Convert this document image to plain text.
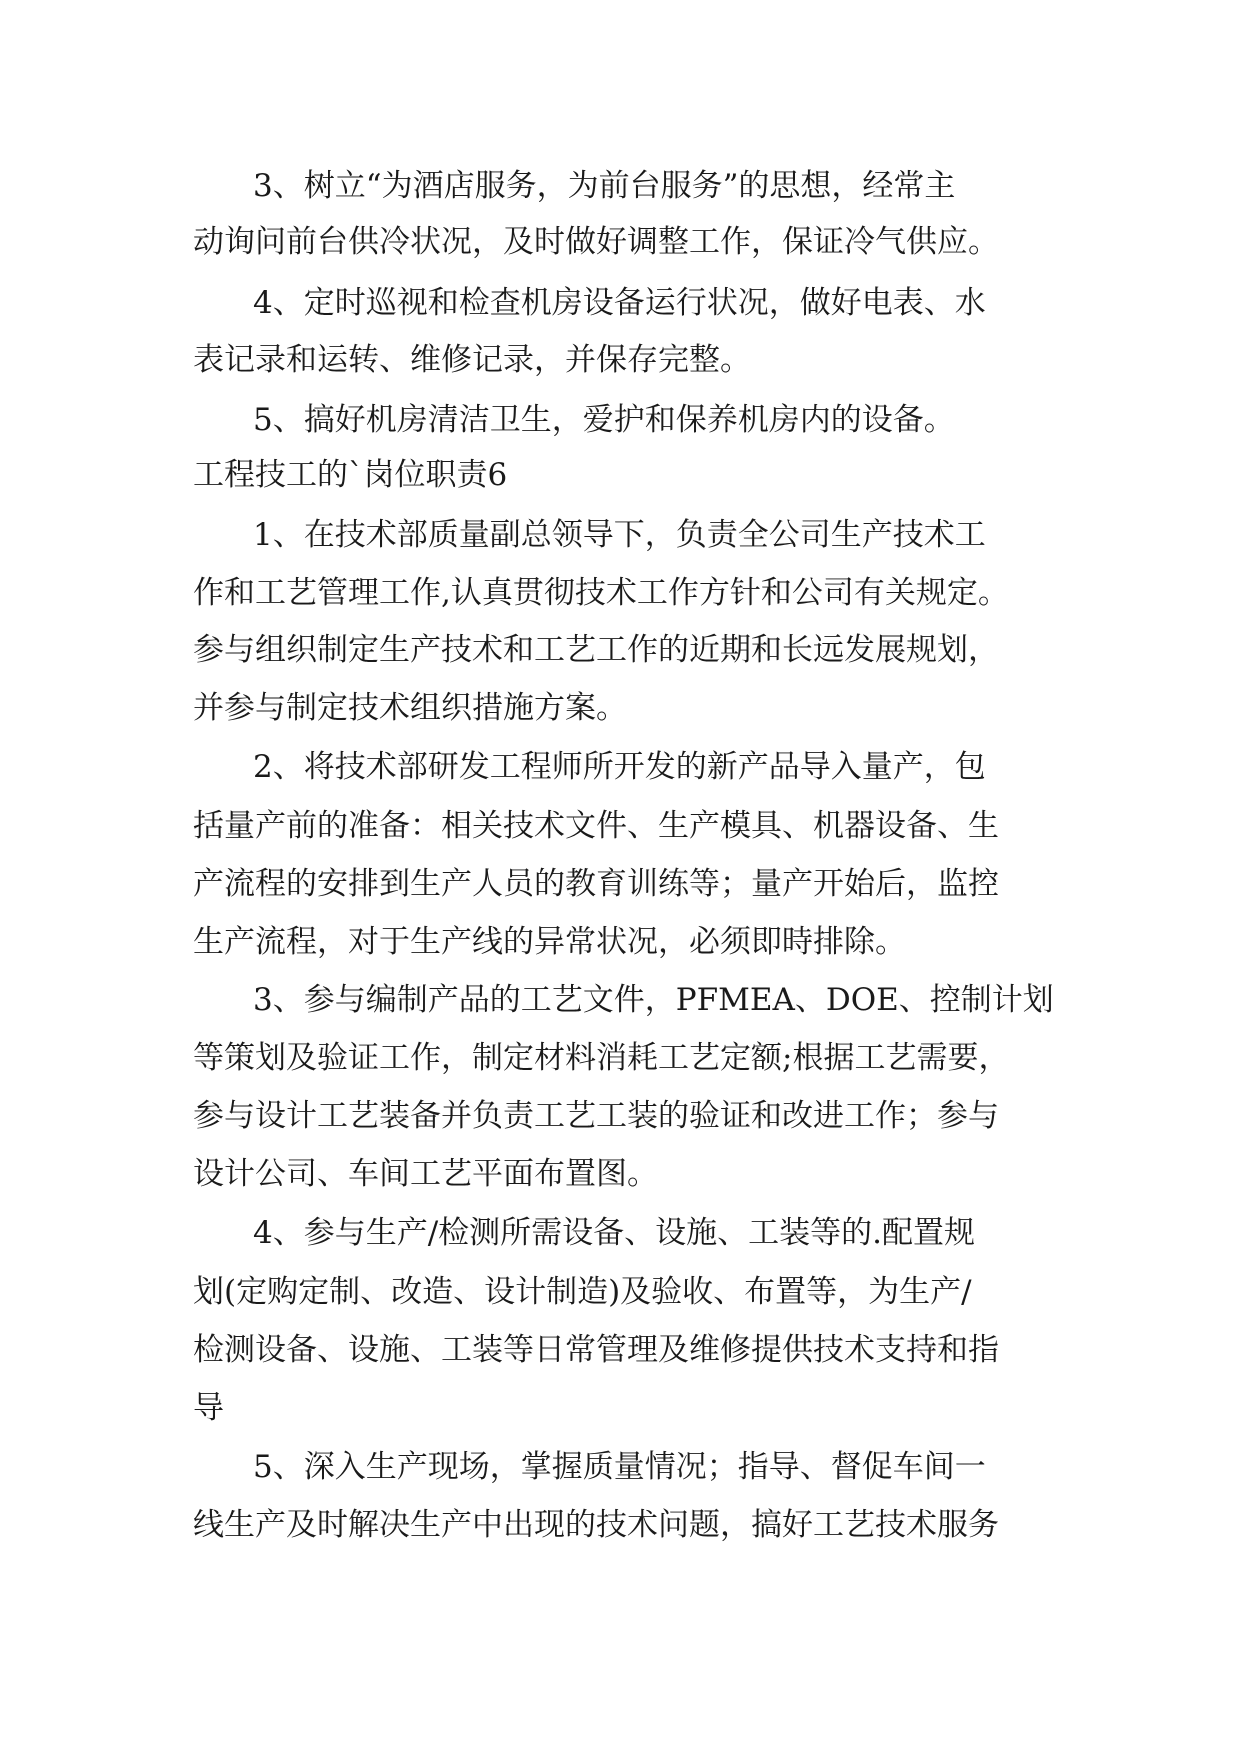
3、树立“为酒店服务，为前台服务”的思想，经常主
动询问前台供冷状况，及时做好调整工作，保证冷气供应。
4、定时巡视和检查机房设备运行状况，做好电表、水
表记录和运转、维修记录，并保存完整。
5、搞好机房清洁卫生，爱护和保养机房内的设备。
工程技工的`岗位职责6
1、在技术部质量副总领导下，负责全公司生产技术工
作和工艺管理工作,认真贯彻技术工作方针和公司有关规定。
参与组织制定生产技术和工艺工作的近期和长远发展规划，
并参与制定技术组织措施方案。
2、将技术部研发工程师所开发的新产品导入量产，包
括量产前的准备：相关技术文件、生产模具、机器设备、生
产流程的安排到生产人员的教育训练等；量产开始后，监控
生产流程，对于生产线的异常状况，必须即時排除。
3、参与编制产品的工艺文件，PFMEA、DOE、控制计划
等策划及验证工作，制定材料消耗工艺定额;根据工艺需要，
参与设计工艺装备并负责工艺工装的验证和改进工作；参与
设计公司、车间工艺平面布置图。
4、参与生产/检测所需设备、设施、工装等的.配置规
划(定购定制、改造、设计制造)及验收、布置等，为生产/
检测设备、设施、工装等日常管理及维修提供技术支持和指
导
5、深入生产现场，掌握质量情况；指导、督促车间一
线生产及时解决生产中出现的技术问题，搞好工艺技术服务
